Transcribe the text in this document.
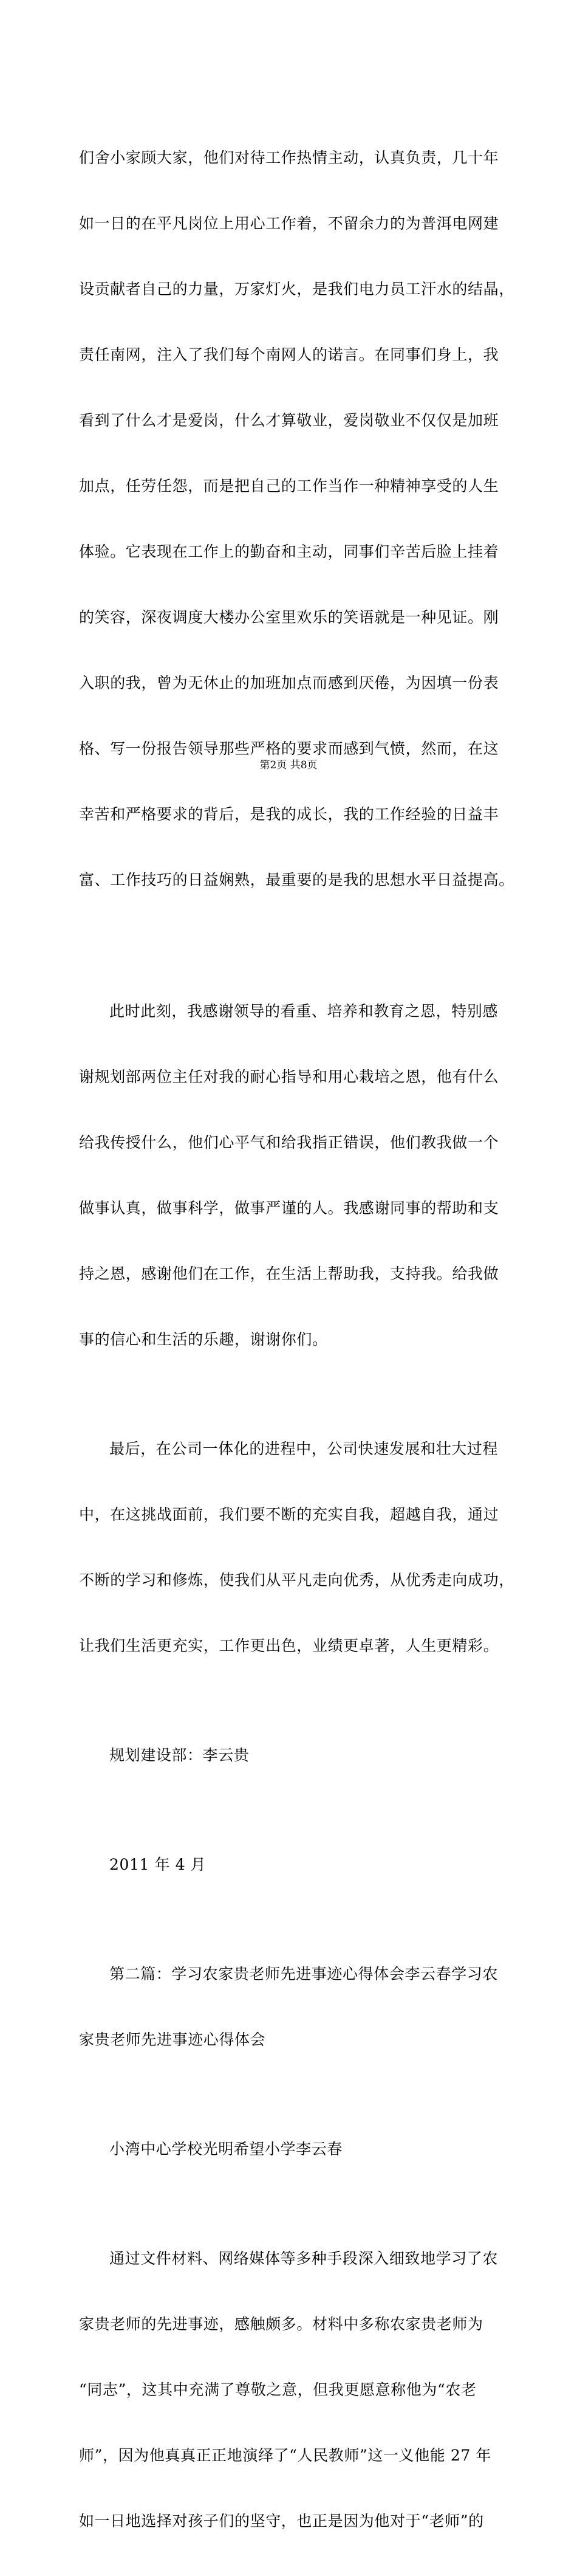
们舍小家顾大家，他们对待工作热情主动，认真负责，几十年

如一日的在平凡岗位上用心工作着，不留余力的为普洱电网建

设贡献者自己的力量，万家灯火，是我们电力员工汗水的结晶，

责任南网，注入了我们每个南网人的诺言。在同事们身上，我

看到了什么才是爱岗，什么才算敬业，爱岗敬业不仅仅是加班

加点，任劳任怨，而是把自己的工作当作一种精神享受的人生

体验。它表现在工作上的勤奋和主动，同事们辛苦后脸上挂着

的笑容，深夜调度大楼办公室里欢乐的笑语就是一种见证。刚

入职的我，曾为无休止的加班加点而感到厌倦，为因填一份表

格、写一份报告领导那些严格的要求而感到气愤，然而，在这

幸苦和严格要求的背后，是我的成长，我的工作经验的日益丰

富、工作技巧的日益娴熟，最重要的是我的思想水平日益提高。

此时此刻，我感谢领导的看重、培养和教育之恩，特别感

谢规划部两位主任对我的耐心指导和用心栽培之恩，他有什么

给我传授什么，他们心平气和给我指正错误，他们教我做一个

做事认真，做事科学，做事严谨的人。我感谢同事的帮助和支

持之恩，感谢他们在工作，在生活上帮助我，支持我。给我做

事的信心和生活的乐趣，谢谢你们。

最后，在公司一体化的进程中，公司快速发展和壮大过程

中，在这挑战面前，我们要不断的充实自我，超越自我，通过

不断的学习和修炼，使我们从平凡走向优秀，从优秀走向成功，

让我们生活更充实，工作更出色，业绩更卓著，人生更精彩。

规划建设部：李云贵

2011 年 4 月

第二篇：学习农家贵老师先进事迹心得体会李云春学习农

家贵老师先进事迹心得体会

小湾中心学校光明希望小学李云春

通过文件材料、网络媒体等多种手段深入细致地学习了农

家贵老师的先进事迹，感触颇多。材料中多称农家贵老师为

“同志”，这其中充满了尊敬之意，但我更愿意称他为“农老

师”，因为他真真正正地演绎了“人民教师”这一义他能 27 年

如一日地选择对孩子们的坚守，也正是因为他对于“老师”的

第2页 共8页
